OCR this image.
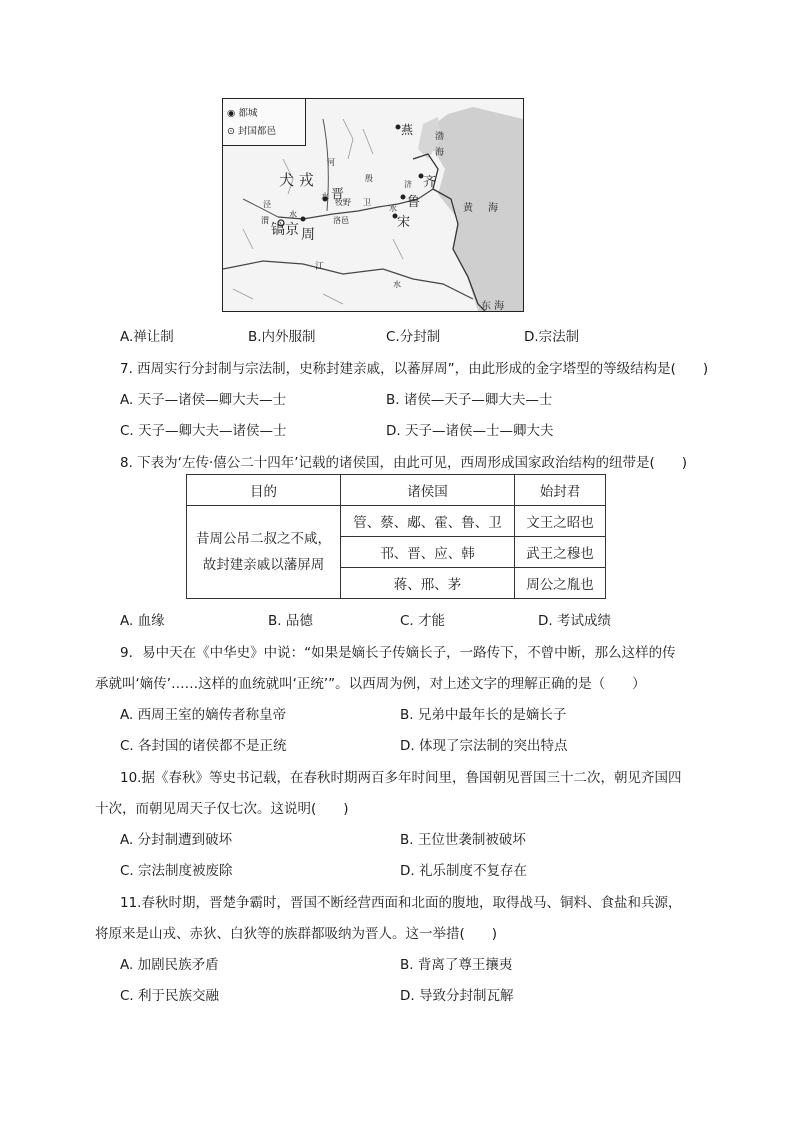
◉ 都城
⊙ 封国都邑	燕 渤
海
犬 戎
晋
殷	齐
鲁
宋
济
水
牧野 卫
洛邑
镐京 周
泾
渭
河
江
水
水
水
黄 海
东 海
A.禅让制	B.内外服制	C.分封制	D.宗法制
7. 西周实行分封制与宗法制，史称封建亲戚，以蕃屏周”，由此形成的金字塔型的等级结构是(　　)
A. 天子—诸侯—卿大夫—士	B. 诸侯—天子—卿大夫—士
C. 天子—卿大夫—诸侯—士	D. 天子—诸侯—士—卿大夫
8. 下表为‘左传·僖公二十四年’记载的诸侯国，由此可见，西周形成国家政治结构的纽带是(　　)
目的	诸侯国	始封君

昔周公吊二叔之不咸，
故封建亲戚以藩屏周	管、蔡、郕、霍、鲁、卫	文王之昭也
	邗、晋、应、韩	武王之穆也
	蒋、邢、茅	周公之胤也
A. 血缘	B. 品德	C. 才能	D. 考试成绩
9．易中天在《中华史》中说：“如果是嫡长子传嫡长子，一路传下，不曾中断，那么这样的传
承就叫‘嫡传’……这样的血统就叫‘正统’”。以西周为例，对上述文字的理解正确的是（　　）
A. 西周王室的嫡传者称皇帝	B. 兄弟中最年长的是嫡长子
C. 各封国的诸侯都不是正统	D. 体现了宗法制的突出特点
10.据《春秋》等史书记载，在春秋时期两百多年时间里，鲁国朝见晋国三十二次，朝见齐国四
十次，而朝见周天子仅七次。这说明(　　)
A. 分封制遭到破坏	B. 王位世袭制被破坏
C. 宗法制度被废除	D. 礼乐制度不复存在
11.春秋时期，晋楚争霸时，晋国不断经营西面和北面的腹地，取得战马、铜料、食盐和兵源，
将原来是山戎、赤狄、白狄等的族群都吸纳为晋人。这一举措(　　)
A. 加剧民族矛盾	B. 背离了尊王攘夷
C. 利于民族交融	D. 导致分封制瓦解
